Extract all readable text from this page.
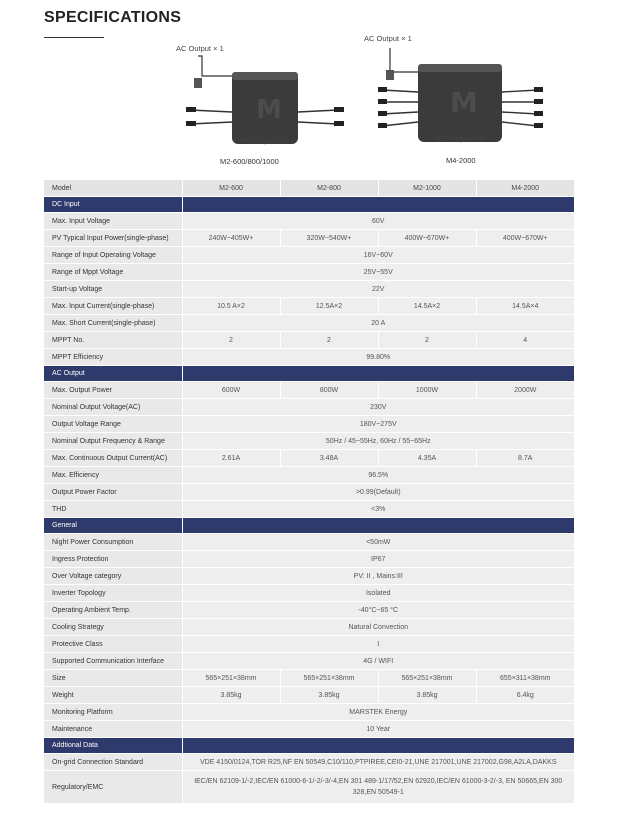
SPECIFICATIONS
AC Output × 1
M
MC4 Input × 2
M2-600/800/1000
AC Output × 1
M
MC4 Input × 4
M4-2000
Model	M2-600	M2-800	M2-1000	M4-2000
DC Input				
Max. Input Voltage	60V			
PV Typical Input Power(single-phase)	240W~405W+	320W~540W+	400W~670W+	400W~670W+
Range of Input Operating Voltage	16V~60V			
Range of Mppt Voltage	25V~55V			
Start-up Voltage	22V			
Max. Input Current(single-phase)	10.5 A×2	12.5A×2	14.5A×2	14.5A×4
Max. Short Current(single-phase)	20 A			
MPPT No.	2	2	2	4
MPPT Efficiency	99.80%			
AC Output				
Max. Output Power	600W	800W	1000W	2000W
Nominal Output Voltage(AC)	230V			
Output Voltage Range	180V~275V			
Nominal Output Frequency & Range	50Hz / 45~55Hz, 60Hz / 55~65Hz			
Max. Continuous Output Current(AC)	2.61A	3.48A	4.35A	8.7A
Max. Efficiency	96.5%			
Output Power Factor	>0.99(Default)			
THD	<3%			
General				
Night Power Consumption	<50mW			
Ingress Protection	IP67			
Over Voltage category	PV: II , Mains:III			
Inverter Topology	Isolated			
Operating Ambient Temp.	-40°C~65 °C			
Cooling Strategy	Natural Convection			
Protective Class	I			
Supported Communication Interface	4G / WIFI			
Size	565×251×38mm	565×251×38mm	565×251×38mm	655×311×38mm
Weight	3.85kg	3.85kg	3.85kg	6.4kg
Monitoring Platform	MARSTEK Energy			
Maintenance	10 Year			
Addtional Data				
On-grid Connection Standard	VDE 4150/0124,TOR R25,NF EN 50549,C10/110,PTPIREE,CEI0-21,UNE 217001,UNE 217002,G98,A2LA,DAKKS			
Regulatory/EMC	IEC/EN 62109-1/-2,IEC/EN 61000-6-1/-2/-3/-4,EN 301 489-1/17/52,EN 62920,IEC/EN 61000-3-2/-3, EN 50665,EN 300 328,EN 50549-1			
